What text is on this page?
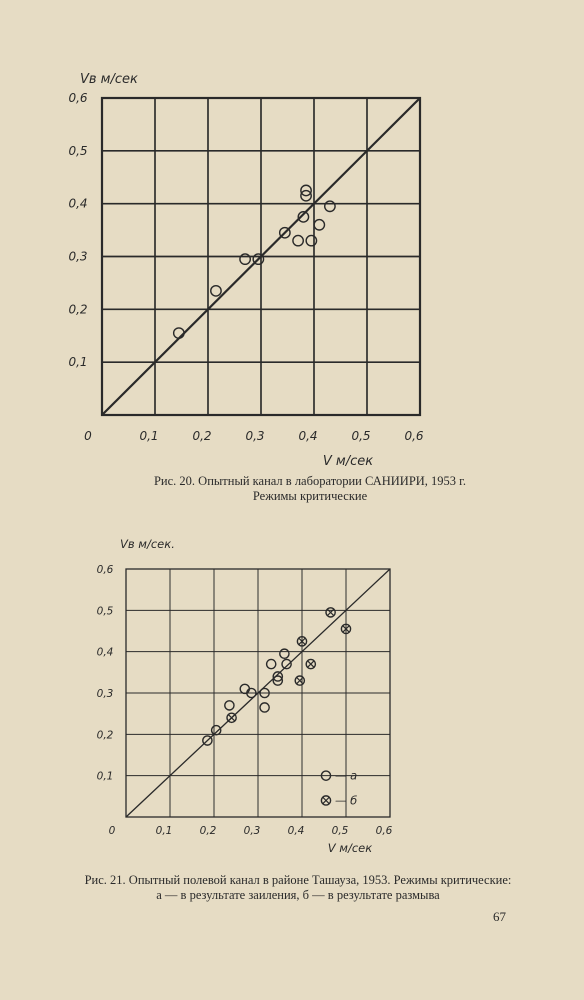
0	0,1	0,2	0,3	0,4	0,5	0,6
0,1
0,2
0,3
0,4
0,5
0,6
Vв м/сек
V м/сек
Рис. 20. Опытный канал в лаборатории САНИИРИ, 1953 г.
Режимы критические
0	0,1	0,2	0,3	0,4	0,5	0,6
0,1
0,2
0,3
0,4
0,5
0,6
Vв м/сек.
V м/сек
— а
— б
Рис. 21. Опытный полевой канал в районе Ташауза, 1953. Режимы критические:
а — в результате заиления, б — в результате размыва
67
